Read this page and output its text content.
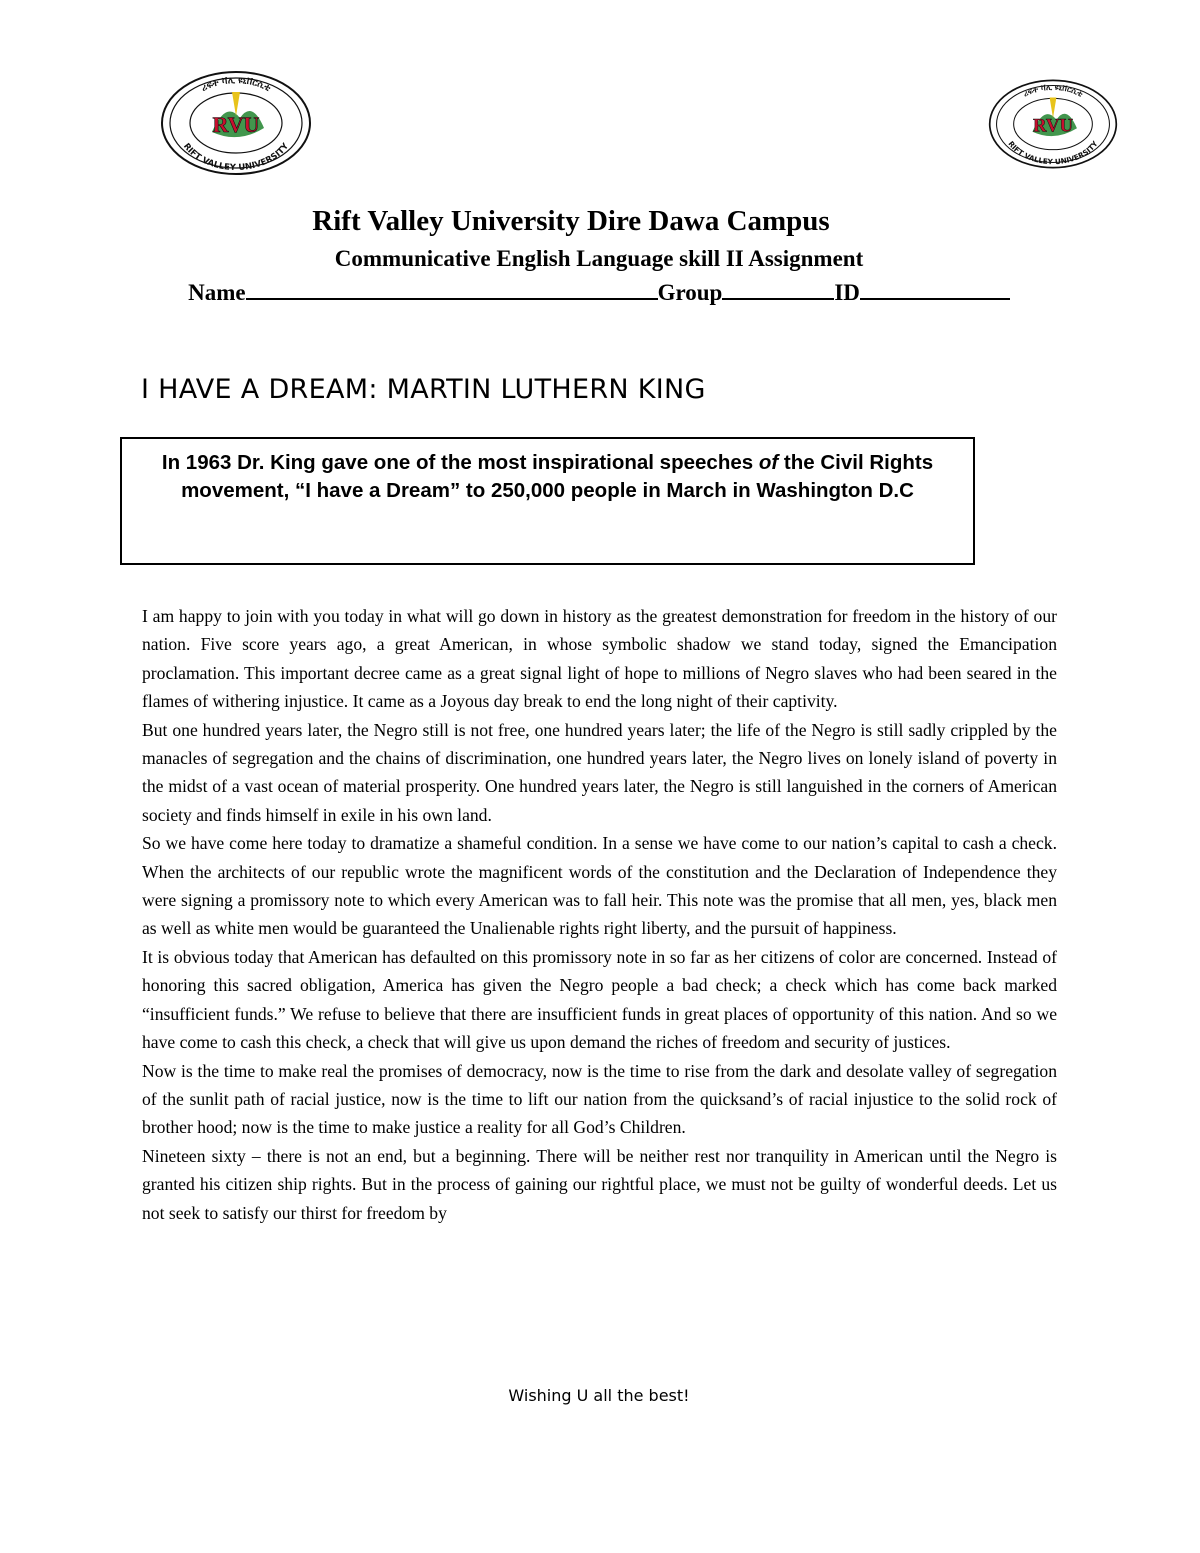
ሪፍት ቫሊ ዩኒቨርሲቲ
RIFT VALLEY UNIVERSITY
RVU
ሪፍት ቫሊ ዩኒቨርሲቲ
RIFT VALLEY UNIVERSITY
RVU
Rift Valley University Dire Dawa Campus
Communicative English Language skill II Assignment
Name	Group	ID
I HAVE A DREAM: MARTIN LUTHERN KING
In 1963 Dr. King gave one of the most inspirational speeches of the Civil Rights movement, “I have a Dream” to 250,000 people in March in Washington D.C

I am happy to join with you today in what will go down in history as the greatest demonstration for freedom in the history of our nation. Five score years ago, a great American, in whose symbolic shadow we stand today, signed the Emancipation proclamation. This important decree came as a great signal light of hope to millions of Negro slaves who had been seared in the flames of withering injustice. It came as a Joyous day break to end the long night of their captivity.

But one hundred years later, the Negro still is not free, one hundred years later; the life of the Negro is still sadly crippled by the manacles of segregation and the chains of discrimination, one hundred years later, the Negro lives on lonely island of poverty in the midst of a vast ocean of material prosperity. One hundred years later, the Negro is still languished in the corners of American society and finds himself in exile in his own land.

So we have come here today to dramatize a shameful condition. In a sense we have come to our nation’s capital to cash a check. When the architects of our republic wrote the magnificent words of the constitution and the Declaration of Independence they were signing a promissory note to which every American was to fall heir. This note was the promise that all men, yes, black men as well as white men would be guaranteed the Unalienable rights right liberty, and the pursuit of happiness.

It is obvious today that American has defaulted on this promissory note in so far as her citizens of color are concerned. Instead of honoring this sacred obligation, America has given the Negro people a bad check; a check which has come back marked “insufficient funds.” We refuse to believe that there are insufficient funds in great places of opportunity of this nation. And so we have come to cash this check, a check that will give us upon demand the riches of freedom and security of justices.

Now is the time to make real the promises of democracy, now is the time to rise from the dark and desolate valley of segregation of the sunlit path of racial justice, now is the time to lift our nation from the quicksand’s of racial injustice to the solid rock of brother hood; now is the time to make justice a reality for all God’s Children.

Nineteen sixty – there is not an end, but a beginning. There will be neither rest nor tranquility in American until the Negro is granted his citizen ship rights. But in the process of gaining our rightful place, we must not be guilty of wonderful deeds. Let us not seek to satisfy our thirst for freedom by

Wishing U all the best!
